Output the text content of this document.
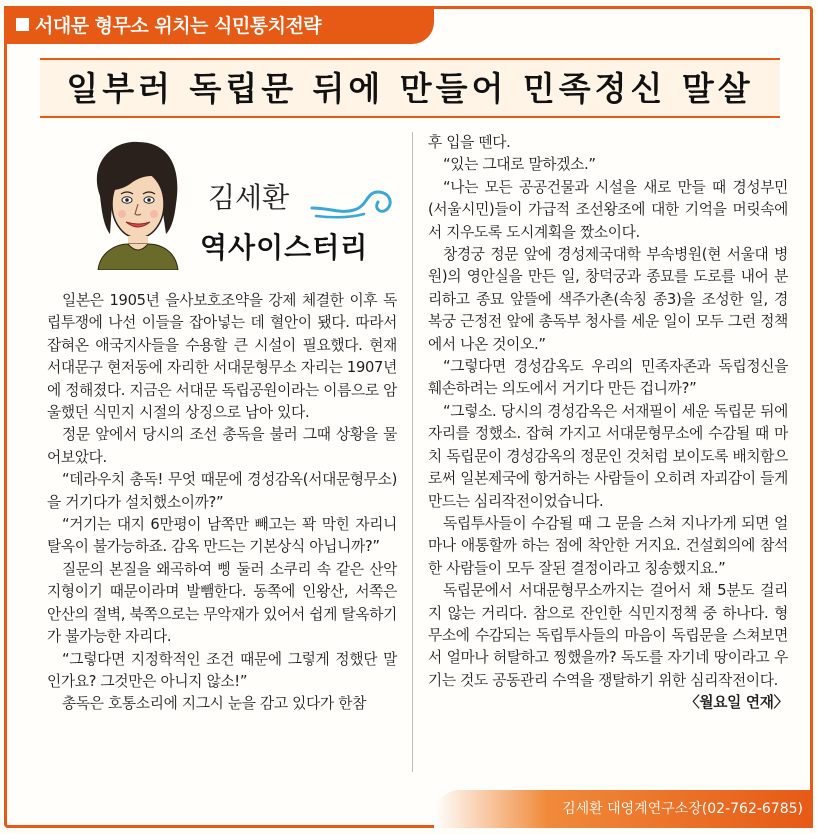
서대문 형무소 위치는 식민통치전략
일부러 독립문 뒤에 만들어 민족정신 말살
김세환
역사이스터리

일본은 1905년 을사보호조약을 강제 체결한 이후 독립투쟁에 나선 이들을 잡아넣는 데 혈안이 됐다. 따라서 잡혀온 애국지사들을 수용할 큰 시설이 필요했다. 현재 서대문구 현저동에 자리한 서대문형무소 자리는 1907년에 정해졌다. 지금은 서대문 독립공원이라는 이름으로 암울했던 식민지 시절의 상징으로 남아 있다.

정문 앞에서 당시의 조선 총독을 불러 그때 상황을 물어보았다.

“데라우치 총독! 무엇 때문에 경성감옥(서대문형무소)을 거기다가 설치했소이까?”

“거기는 대지 6만평이 남쪽만 빼고는 꽉 막힌 자리니 탈옥이 불가능하죠. 감옥 만드는 기본상식 아닙니까?”

질문의 본질을 왜곡하여 삥 둘러 소쿠리 속 같은 산악지형이기 때문이라며 발뺌한다. 동쪽에 인왕산, 서쪽은 안산의 절벽, 북쪽으로는 무악재가 있어서 쉽게 탈옥하기가 불가능한 자리다.

“그렇다면 지정학적인 조건 때문에 그렇게 정했단 말인가요? 그것만은 아니지 않소!”

총독은 호통소리에 지그시 눈을 감고 있다가 한참

후 입을 뗀다.

“있는 그대로 말하겠소.”

“나는 모든 공공건물과 시설을 새로 만들 때 경성부민(서울시민)들이 가급적 조선왕조에 대한 기억을 머릿속에서 지우도록 도시계획을 짰소이다.

창경궁 정문 앞에 경성제국대학 부속병원(현 서울대 병원)의 영안실을 만든 일, 창덕궁과 종묘를 도로를 내어 분리하고 종묘 앞뜰에 색주가촌(속칭 종3)을 조성한 일, 경복궁 근정전 앞에 총독부 청사를 세운 일이 모두 그런 정책에서 나온 것이오.”

“그렇다면 경성감옥도 우리의 민족자존과 독립정신을 훼손하려는 의도에서 거기다 만든 겁니까?”

“그렇소. 당시의 경성감옥은 서재필이 세운 독립문 뒤에 자리를 정했소. 잡혀 가지고 서대문형무소에 수감될 때 마치 독립문이 경성감옥의 정문인 것처럼 보이도록 배치함으로써 일본제국에 항거하는 사람들이 오히려 자괴감이 들게 만드는 심리작전이었습니다.

독립투사들이 수감될 때 그 문을 스쳐 지나가게 되면 얼마나 애통할까 하는 점에 착안한 거지요. 건설회의에 참석한 사람들이 모두 잘된 결정이라고 칭송했지요.”

독립문에서 서대문형무소까지는 걸어서 채 5분도 걸리지 않는 거리다. 참으로 잔인한 식민지정책 중 하나다. 형무소에 수감되는 독립투사들의 마음이 독립문을 스쳐보면서 얼마나 허탈하고 찡했을까? 독도를 자기네 땅이라고 우기는 것도 공동관리 수역을 쟁탈하기 위한 심리작전이다.

〈월요일 연재〉

김세환 대영계연구소장(02-762-6785)
